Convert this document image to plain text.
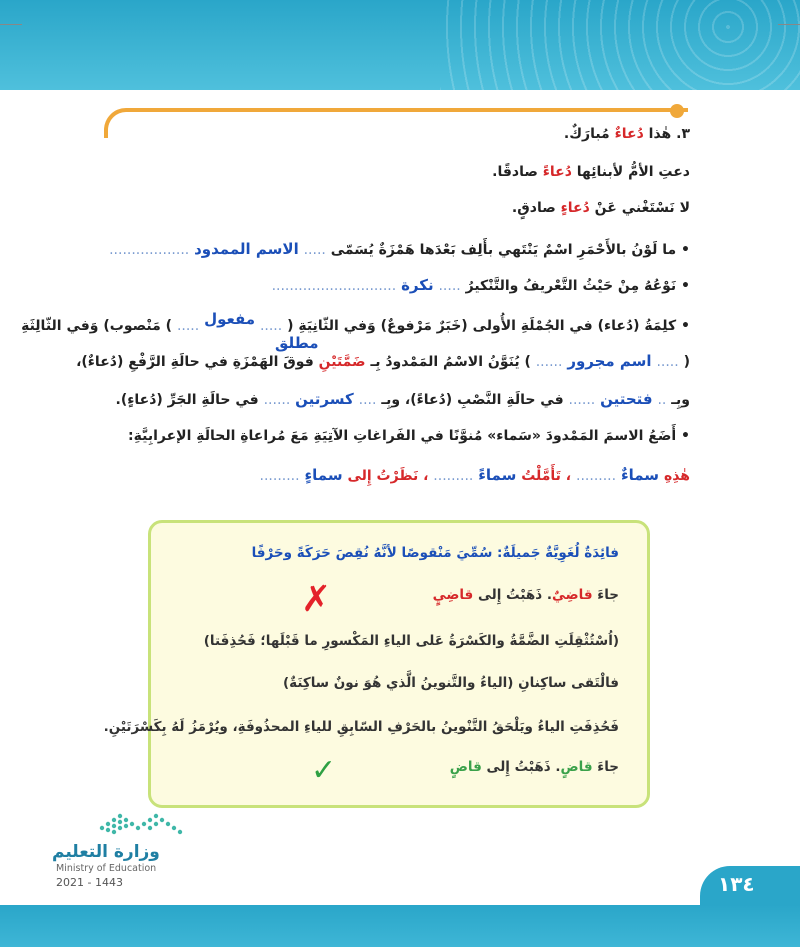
٣. هٰذا دُعاءٌ مُبارَكٌ.
دعتِ الأمُّ لأبنائِها دُعاءً صادقًا.
لا نَسْتَغْني عَنْ دُعاءٍ صادقٍ.
• ما لَوْنُ بالأَحْمَرِ اسْمٌ يَنْتَهي بأَلِف بَعْدَها هَمْزَةٌ يُسَمّى ..... الاسم الممدود ..................
• نَوْعُهُ مِنْ حَيْثُ التَّعْريفُ والتَّنْكيرُ ..... نكرة ............................
• كلِمَةُ (دُعاء) في الجُمْلَةِ الأُولى (خَبَرٌ مَرْفوعٌ) وَفي الثّانِيَةِ ( ..... مفعول ..... ) مَنْصوب) وَفي الثّالِثَةِ
مطلق
( ..... اسم مجرور ...... ) يُنَوَّنُ الاسْمُ المَمْدودُ بِـ ضَمَّتَيْنِ فوقَ الهَمْزَةِ في حالَةِ الرَّفْعِ (دُعاءٌ)،
وبِـ .. فتحتين ...... في حالَةِ النَّصْبِ (دُعاءً)، وبِـ .... كسرتين ...... في حالَةِ الجَرِّ (دُعاءٍ).
• أَضَعُ الاسمَ المَمْدودَ «سَماء» مُنوَّنًا في الفَراغاتِ الآتِيَةِ مَعَ مُراعاةِ الحالَةِ الإعرابِيَّةِ:
هٰذِهِ سماءٌ ......... ، تَأَمَّلْتُ سماءً ......... ، نَظَرْتُ إِلى سماءٍ .........
فائِدَةٌ لُغَوِيَّةٌ جَميلَةٌ: سُمِّيَ مَنْقوصًا لأنَّهُ نُقِصَ حَرَكَةً وحَرْفًا
جاءَ قاضِيٌ. ذَهَبْتُ إِلى قاضِيٍ
✗
(اُسْتُثْقِلَتِ الضَّمَّةُ والكَسْرَةُ عَلى الياءِ المَكْسورِ ما قَبْلَها؛ فَحُذِفَتا)
فالْتَقى ساكِنانِ (الياءُ والتَّنوينُ الَّذي هُوَ نونٌ ساكِنَةٌ)
فَحُذِفَتِ الياءُ ويَلْحَقُ التَّنْوينُ بالحَرْفِ السّابِقِ للياءِ المحذُوفَةِ، ويُرْمَزُ لَهُ بِكَسْرَتَيْنِ.
جاءَ قاضٍ. ذَهَبْتُ إِلى قاضٍ
✓
وزارة التعليم
Ministry of Education
2021 - 1443	١٣٤
